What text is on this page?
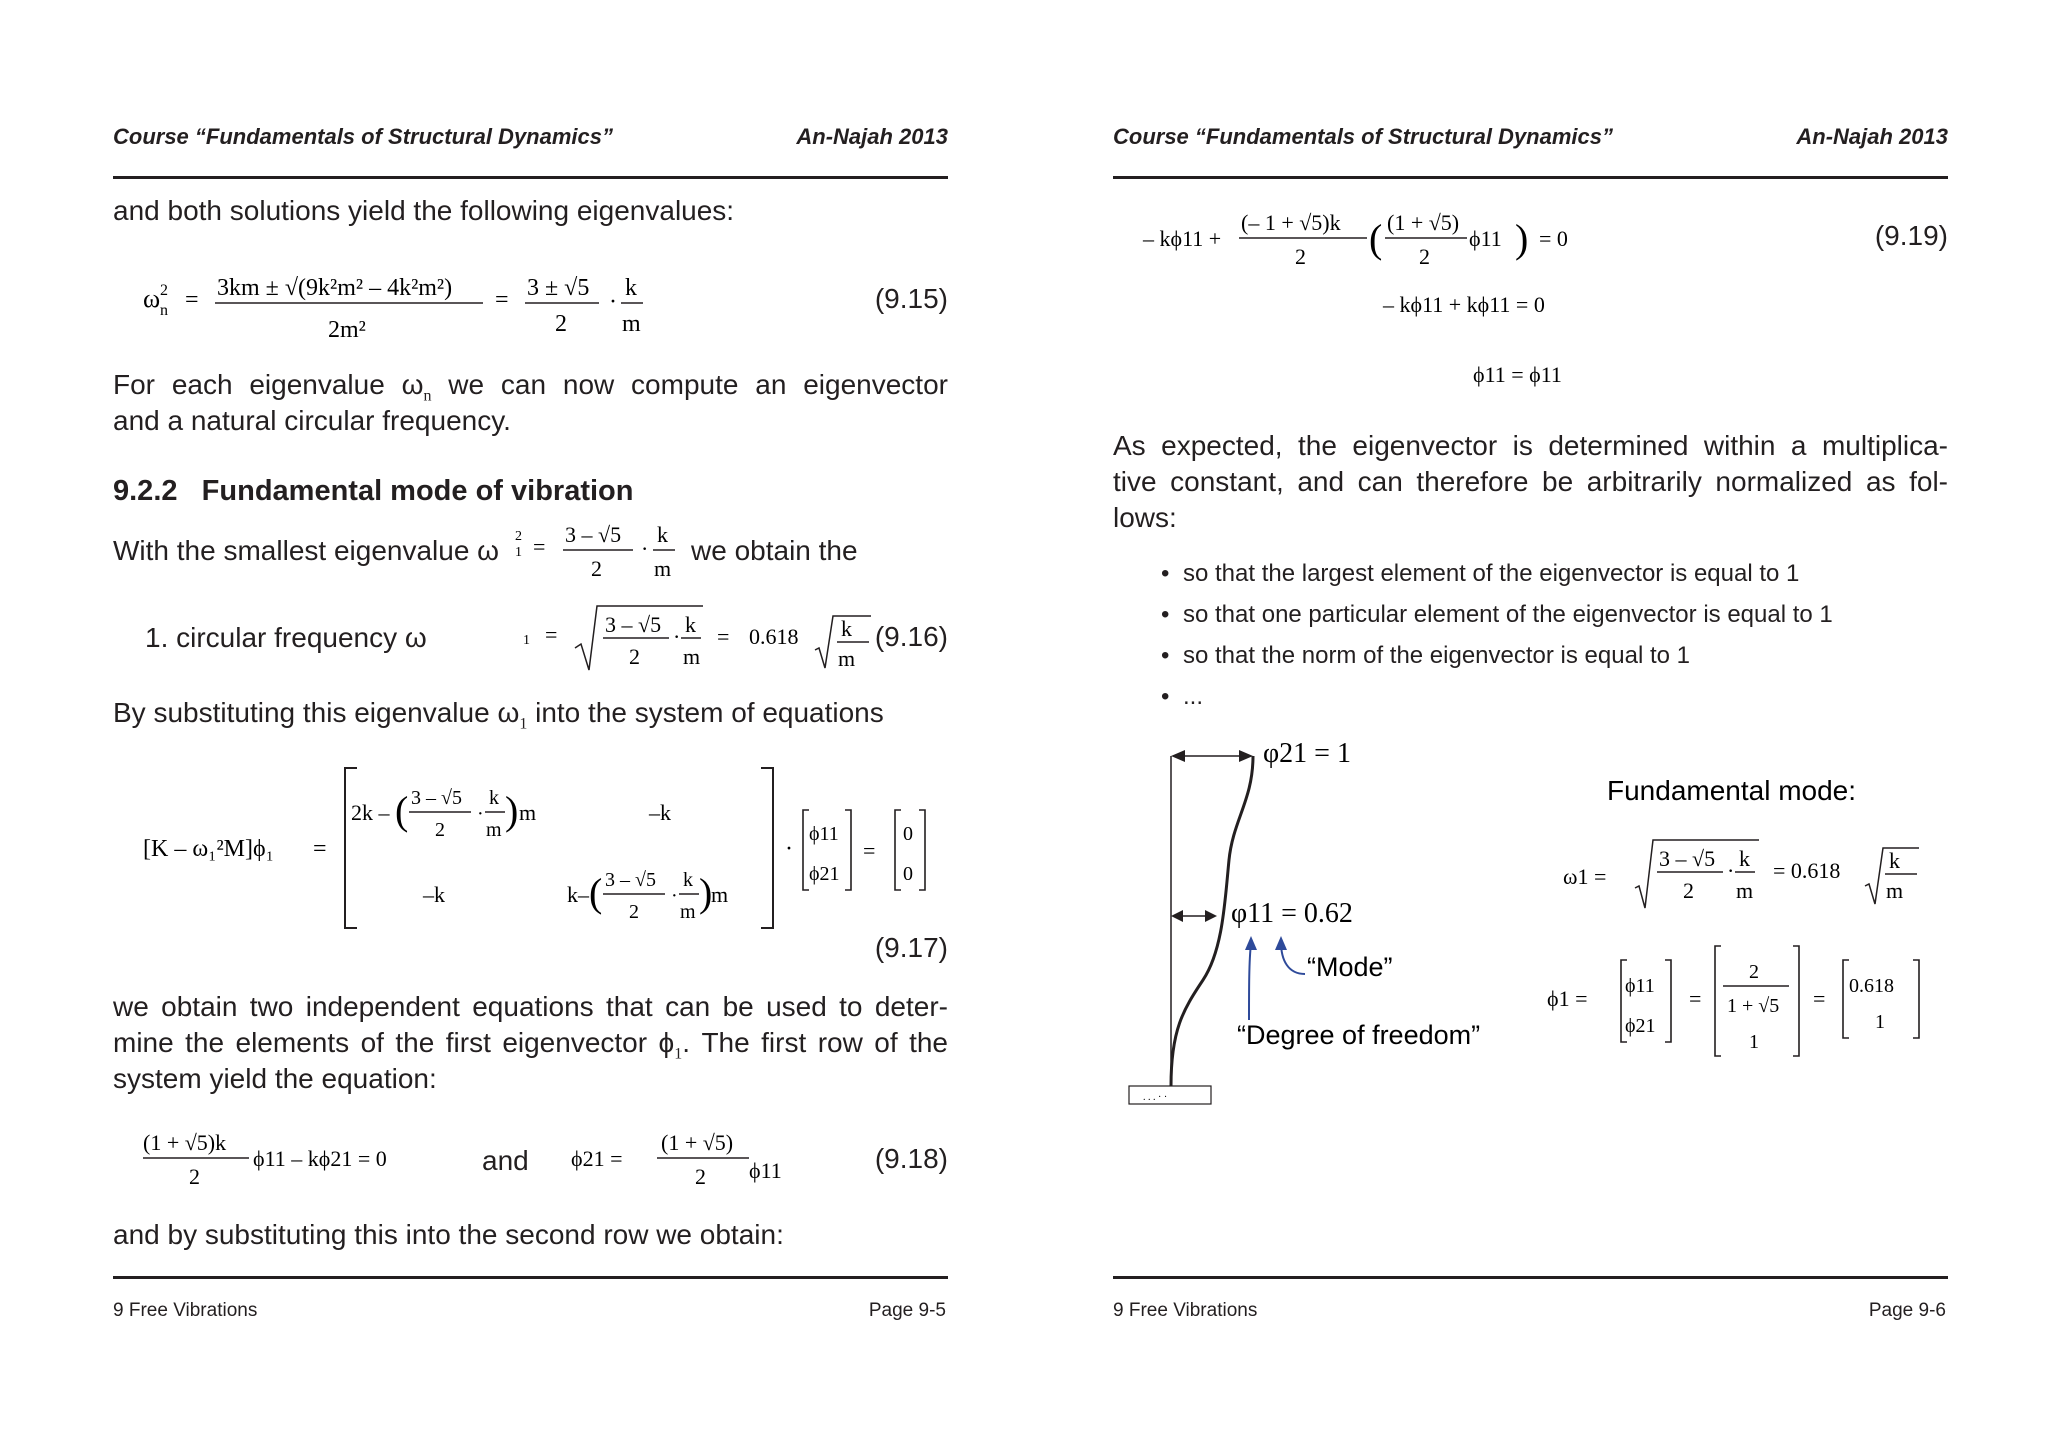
Course “Fundamentals of Structural Dynamics”	An-Najah 2013
and both solutions yield the following eigenvalues:
ω 2
n = 3km ± √(9k²m² – 4k²m²)
2m²
= 3 ± √5
2
·
k
m
(9.15)
For each eigenvalue $\omega_n$ we can now compute an eigenvector
and a natural circular frequency.
9.2.2 Fundamental mode of vibration
With the smallest eigenvalue ω 1
2 = 3 – √5
2
·
k
m
we obtain the
1. circular frequency ω	1 = 3 – √5
2
· k
m
= 0.618 k
m
(9.16)
By substituting this eigenvalue $\omega_1$ into the system of equations
[K – ω₁²M]ϕ₁ =
2k – ( 3 – √5
2
·
k
m ) m	–k
–k	k– ( 3 – √5
2
·
k
m )
m
·
ϕ11
ϕ21
=
0
0
(9.17)
we obtain two independent equations that can be used to deter-
mine the elements of the first eigenvector $\phi_1$. The first row of the
system yield the equation:
(1 + √5)k
2
ϕ11 – kϕ21 = 0	ϕ21 =
(1 + √5)
2
and	ϕ11	(9.18)
and by substituting this into the second row we obtain:
9 Free Vibrations	Page 9-5
Course “Fundamentals of Structural Dynamics”	An-Najah 2013
– kϕ11 +
(– 1 + √5)k
2 ( (1 + √5)
2
ϕ11 ) = 0
– kϕ11 + kϕ11 = 0
ϕ11 = ϕ11
(9.19)
As expected, the eigenvector is determined within a multiplica-
tive constant, and can therefore be arbitrarily normalized as fol-
lows:
• so that the largest element of the eigenvector is equal to 1
• so that one particular element of the eigenvector is equal to 1
• so that the norm of the eigenvector is equal to 1
• ...
. . . · ·
φ21 = 1
φ11 = 0.62
“Mode”
“Degree of freedom”
Fundamental mode:
ω1 =
3 – √5
2
· k
m
= 0.618 k
m
ϕ1 = ϕ11
ϕ21
=
2
1 + √5
1
= 0.618
1
9 Free Vibrations	Page 9-6
